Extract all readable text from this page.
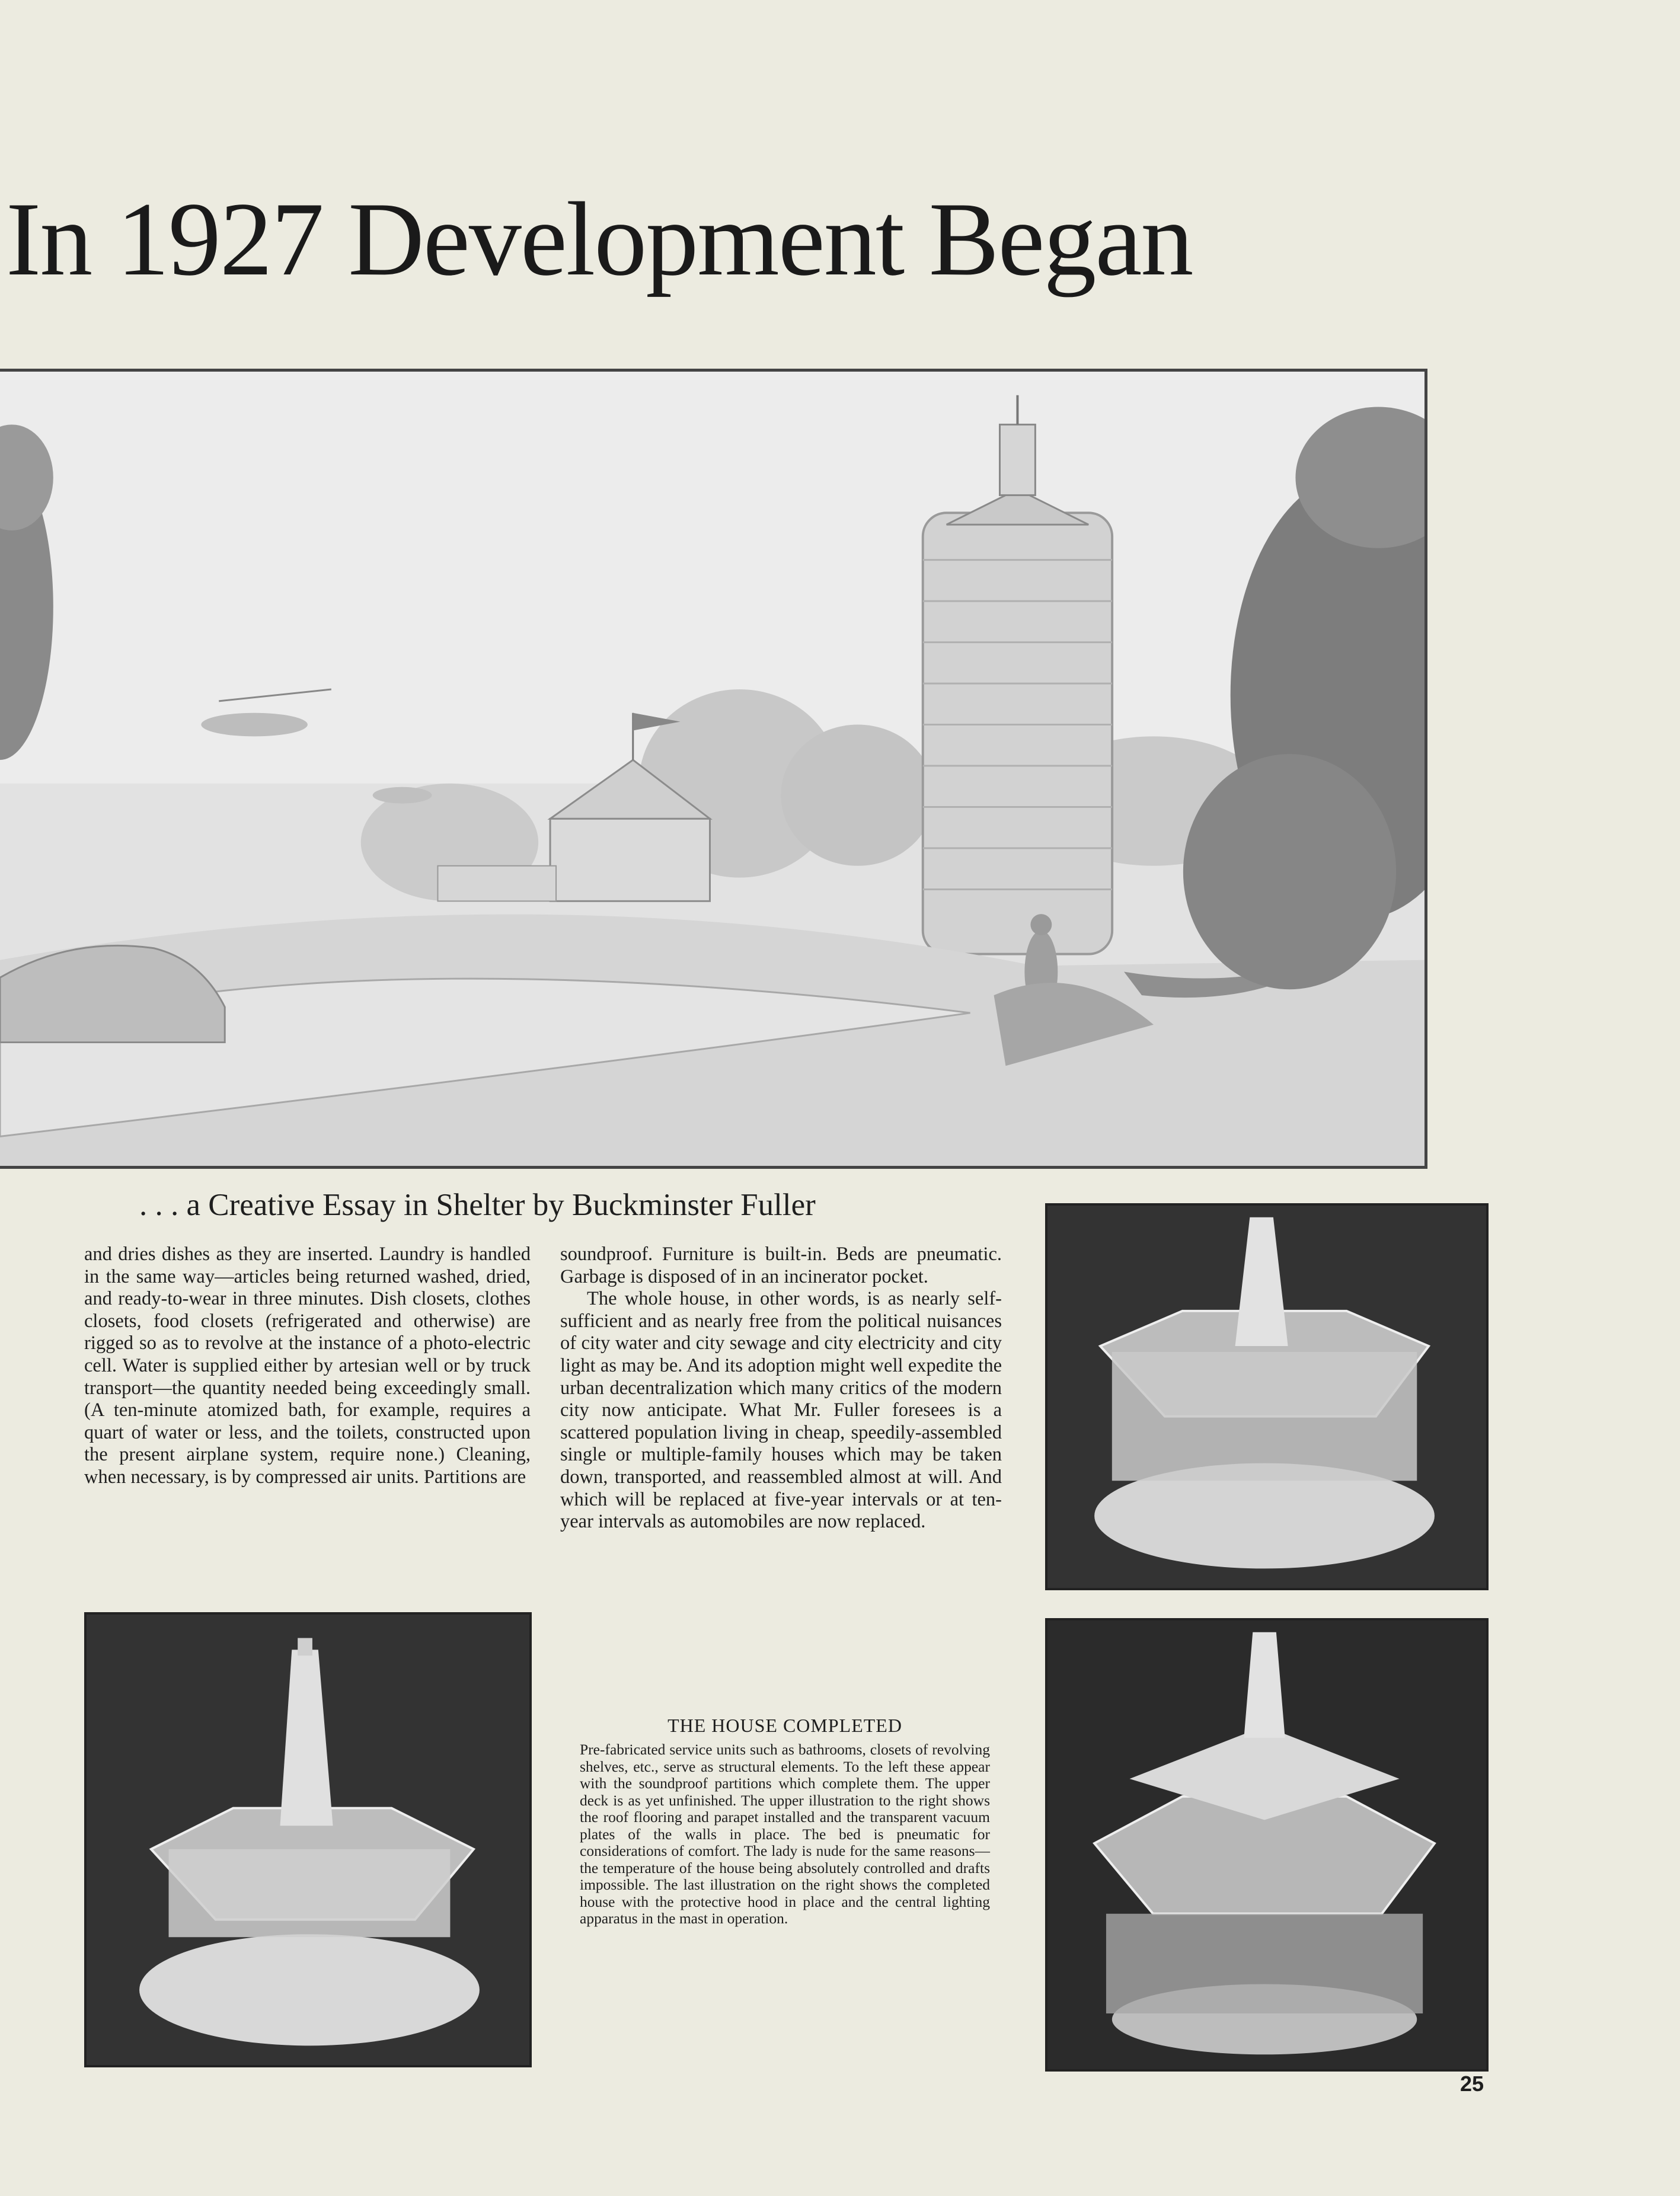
In 1927 Development Began
. . . a Creative Essay in Shelter by Buckminster Fuller

and dries dishes as they are inserted. Laundry is handled in the same way—articles being returned washed, dried, and ready-to-wear in three minutes. Dish closets, clothes closets, food closets (refrigerated and otherwise) are rigged so as to revolve at the instance of a photo-electric cell. Water is supplied either by artesian well or by truck transport—the quantity needed being exceedingly small. (A ten-minute atomized bath, for example, requires a quart of water or less, and the toilets, constructed upon the present airplane system, require none.) Cleaning, when necessary, is by compressed air units. Partitions are

soundproof. Furniture is built-in. Beds are pneumatic. Garbage is disposed of in an incinerator pocket.

The whole house, in other words, is as nearly self-sufficient and as nearly free from the political nuisances of city water and city sewage and city electricity and city light as may be. And its adoption might well expedite the urban decentralization which many critics of the modern city now anticipate. What Mr. Fuller foresees is a scattered population living in cheap, speedily-assembled single or multiple-family houses which may be taken down, transported, and reassembled almost at will. And which will be replaced at five-year intervals or at ten-year intervals as automobiles are now replaced.

THE HOUSE COMPLETED

Pre-fabricated service units such as bathrooms, closets of revolving shelves, etc., serve as structural elements. To the left these appear with the soundproof partitions which complete them. The upper deck is as yet unfinished. The upper illustration to the right shows the roof flooring and parapet installed and the transparent vacuum plates of the walls in place. The bed is pneumatic for considerations of comfort. The lady is nude for the same reasons—the temperature of the house being absolutely controlled and drafts impossible. The last illustration on the right shows the completed house with the protective hood in place and the central lighting apparatus in the mast in operation.

25
